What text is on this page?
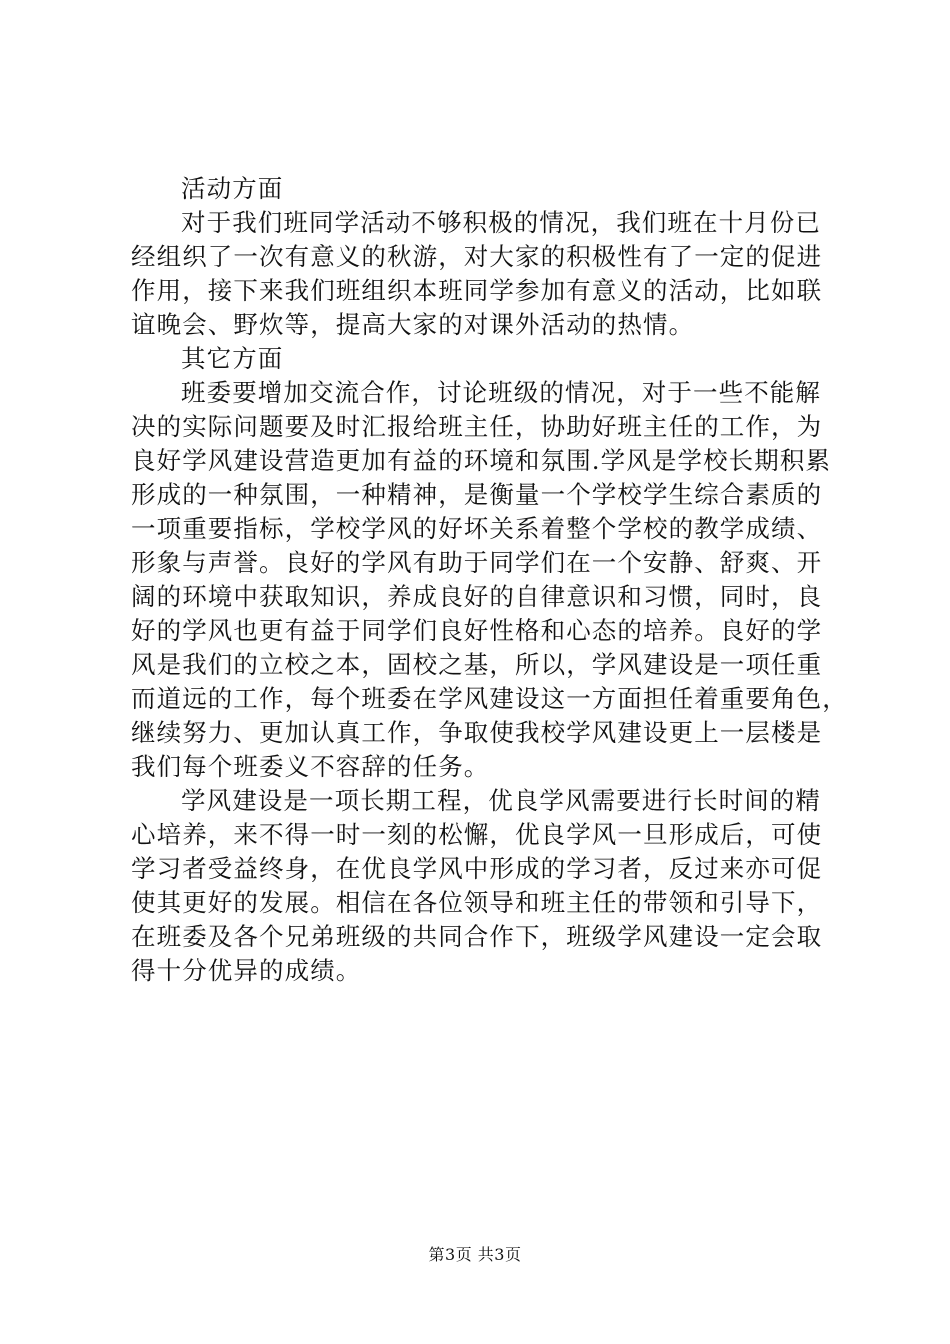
活动方面

对于我们班同学活动不够积极的情况，我们班在十月份已

经组织了一次有意义的秋游，对大家的积极性有了一定的促进

作用，接下来我们班组织本班同学参加有意义的活动，比如联

谊晚会、野炊等，提高大家的对课外活动的热情。

其它方面

班委要增加交流合作，讨论班级的情况，对于一些不能解

决的实际问题要及时汇报给班主任，协助好班主任的工作，为

良好学风建设营造更加有益的环境和氛围.学风是学校长期积累

形成的一种氛围，一种精神，是衡量一个学校学生综合素质的

一项重要指标，学校学风的好坏关系着整个学校的教学成绩、

形象与声誉。良好的学风有助于同学们在一个安静、舒爽、开

阔的环境中获取知识，养成良好的自律意识和习惯，同时，良

好的学风也更有益于同学们良好性格和心态的培养。良好的学

风是我们的立校之本，固校之基，所以，学风建设是一项任重

而道远的工作，每个班委在学风建设这一方面担任着重要角色，

继续努力、更加认真工作，争取使我校学风建设更上一层楼是

我们每个班委义不容辞的任务。

学风建设是一项长期工程，优良学风需要进行长时间的精

心培养，来不得一时一刻的松懈，优良学风一旦形成后，可使

学习者受益终身，在优良学风中形成的学习者，反过来亦可促

使其更好的发展。相信在各位领导和班主任的带领和引导下，

在班委及各个兄弟班级的共同合作下，班级学风建设一定会取

得十分优异的成绩。

第3页 共3页
